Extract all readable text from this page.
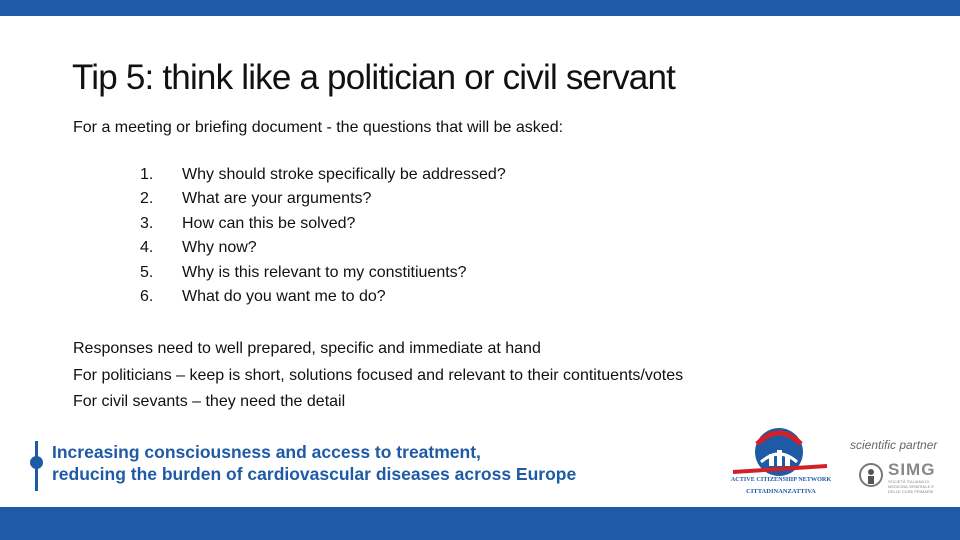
Tip 5: think like a politician or civil servant
For a meeting or briefing document - the questions that will be asked:
1.	Why should stroke specifically be addressed?
2.	What are your arguments?
3.	How can this be solved?
4.	Why now?
5.	Why is this relevant to my constitiuents?
6.	What do you want me to do?
Responses need to well prepared, specific and immediate at hand
For politicians – keep is short, solutions focused and relevant to their contituents/votes
For civil sevants – they need the detail
Increasing consciousness and access to treatment,
reducing the burden of cardiovascular diseases across Europe	ACTIVE CITIZENSHIP NETWORK
CITTADINANZATTIVA
scientific partner
SIMG
SOCIETÀ ITALIANA DI MEDICINA GENERALE E DELLE CURE PRIMARIE
